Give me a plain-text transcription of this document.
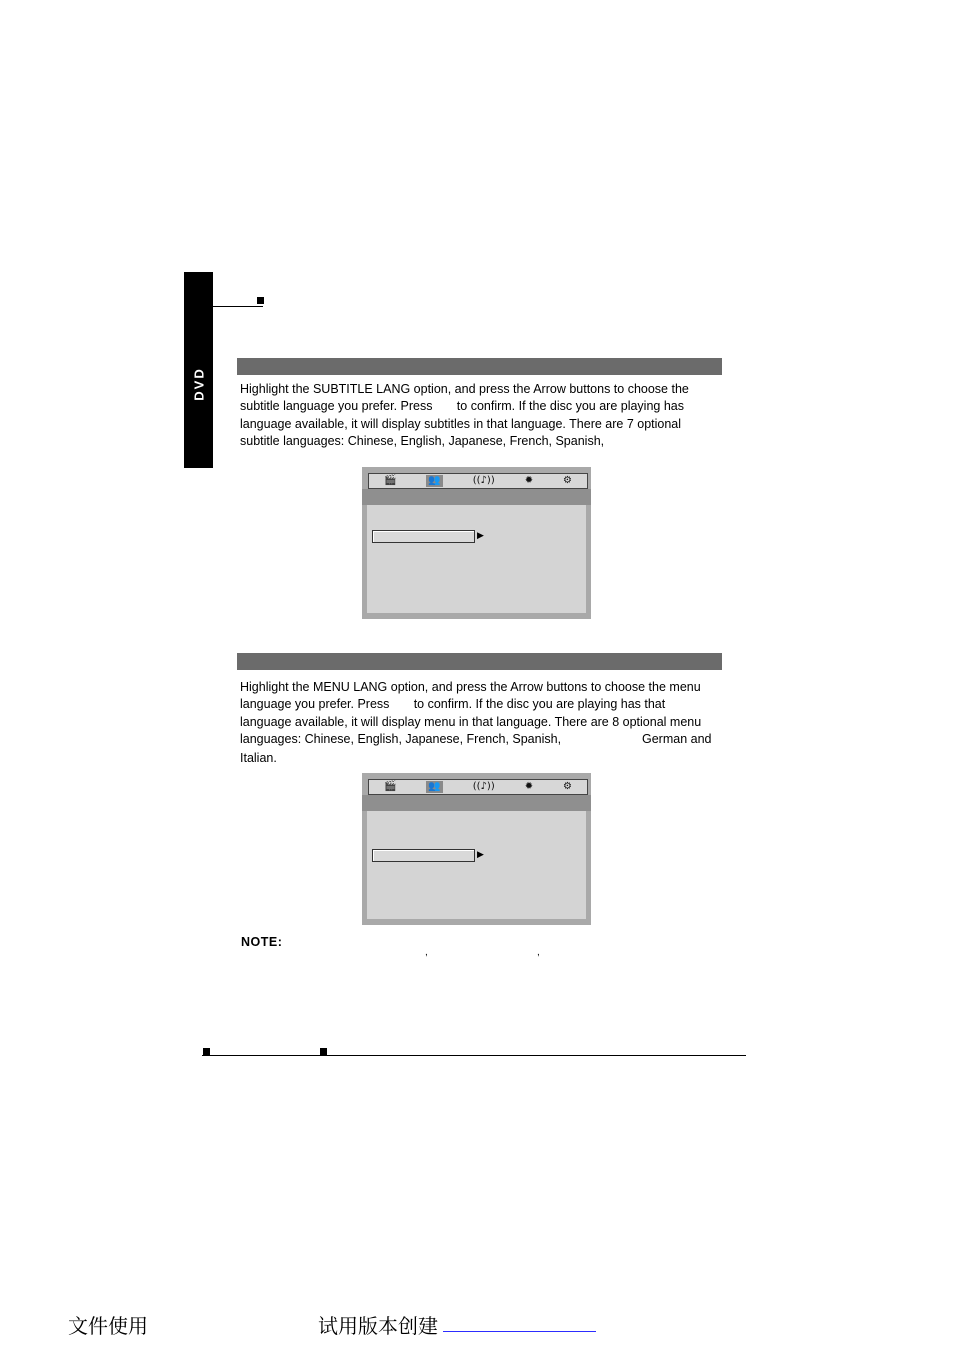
DVD	Highlight the SUBTITLE LANG option, and press the Arrow buttons to choose the
subtitle language you prefer. Press       to confirm. If the disc you are playing has
language available, it will display subtitles in that language. There are 7 optional
subtitle languages: Chinese, English, Japanese, French, Spanish,

🎬	👥	((♪))	✹	⚙
▶

Highlight the MENU LANG option, and press the Arrow buttons to choose the menu
language you prefer. Press       to confirm. If the disc you are playing has that
language available, it will display menu in that language. There are 8 optional menu
languages: Chinese, English, Japanese, French, Spanish,	German and
Italian.

🎬	👥	((♪))	✹	⚙
▶
NOTE:
,	,
文件使用	试用版本创建
